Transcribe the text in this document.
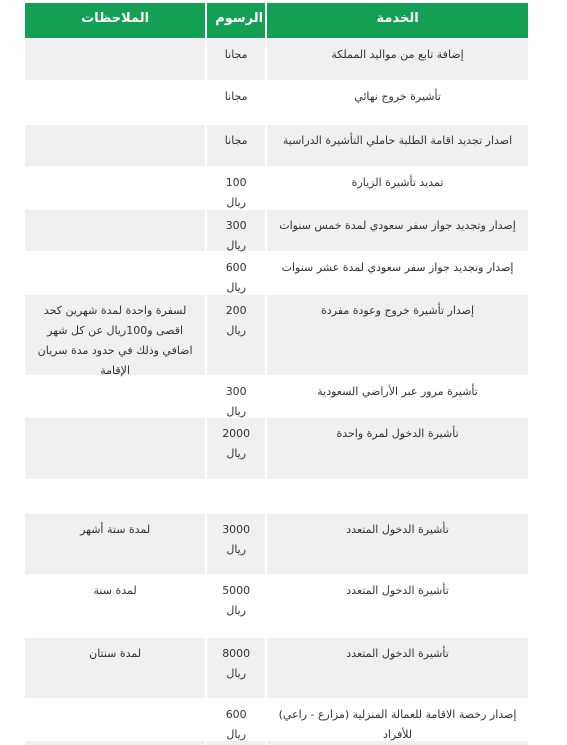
الخدمة
الرسوم
الملاحظات
إضافة تابع من مواليد المملكة
مجانا
تأشيرة خروج نهائي
مجانا
اصدار تجديد اقامة الطلبة حاملي التأشيرة الدراسية
مجانا
تمديد تأشيرة الزيارة
100 ريال
إصدار وتجديد جواز سفر سعودي لمدة خمس سنوات
300 ريال
إصدار وتجديد جواز سفر سعودي لمدة عشر سنوات
600 ريال
إصدار تأشيرة خروج وعودة مفردة
200 ريال
لسفرة واحدة لمدة شهرين كحد اقصى و100ريال عن كل شهر اضافي وذلك في حدود مدة سريان الإقامة
تأشيرة مرور عبر الأراضي السعودية
300 ريال
تأشيرة الدخول لمرة واحدة
2000 ريال
تأشيرة الدخول المتعدد
3000 ريال
لمدة ستة أشهر
تأشيرة الدخول المتعدد
5000 ريال
لمدة سنة
تأشيرة الدخول المتعدد
8000 ريال
لمدة سنتان
إصدار رخصة الاقامة للعمالة المنزلية (مزارع - راعي) للأفراد
600 ريال
